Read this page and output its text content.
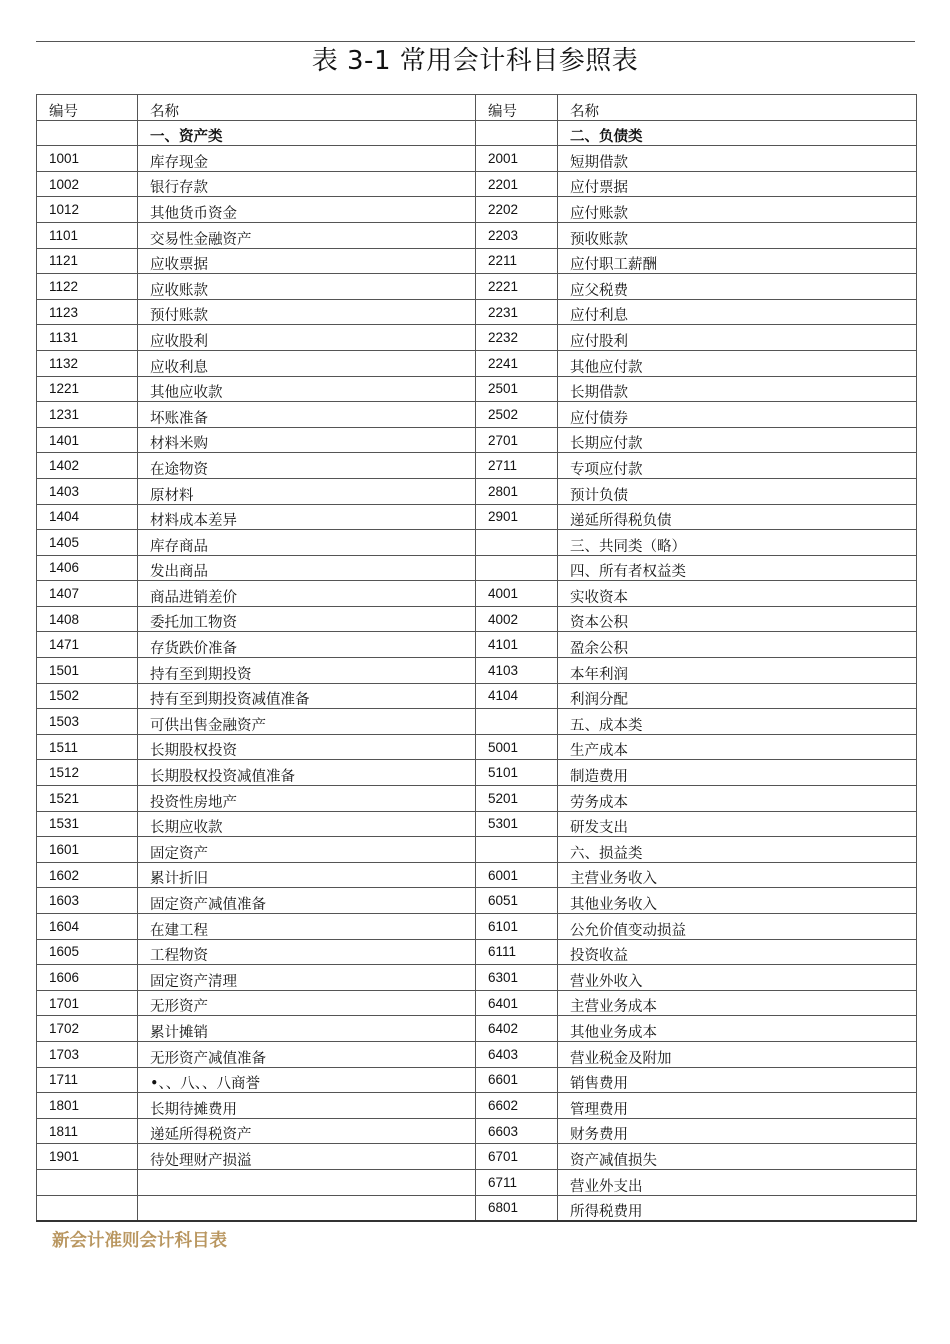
表 3-1 常用会计科目参照表
编号	名称	编号	名称
	一、资产类		二、负债类
1001	库存现金	2001	短期借款
1002	银行存款	2201	应付票据
1012	其他货币资金	2202	应付账款
1101	交易性金融资产	2203	预收账款
1121	应收票据	2211	应付职工薪酬
1122	应收账款	2221	应父税费
1123	预付账款	2231	应付利息
1131	应收股利	2232	应付股利
1132	应收利息	2241	其他应付款
1221	其他应收款	2501	长期借款
1231	坏账准备	2502	应付债券
1401	材料米购	2701	长期应付款
1402	在途物资	2711	专项应付款
1403	原材料	2801	预计负债
1404	材料成本差异	2901	递延所得税负债
1405	库存商品		三、共同类（略）
1406	发出商品		四、所有者权益类
1407	商品进销差价	4001	实收资本
1408	委托加工物资	4002	资本公积
1471	存货跌价准备	4101	盈余公积
1501	持有至到期投资	4103	本年利润
1502	持有至到期投资减值准备	4104	利润分配
1503	可供出售金融资产		五、成本类
1511	长期股权投资	5001	生产成本
1512	长期股权投资减值准备	5101	制造费用
1521	投资性房地产	5201	劳务成本
1531	长期应收款	5301	研发支出
1601	固定资产		六、损益类
1602	累计折旧	6001	主营业务收入
1603	固定资产减值准备	6051	其他业务收入
1604	在建工程	6101	公允价值变动损益
1605	工程物资	6111	投资收益
1606	固定资产清理	6301	营业外收入
1701	无形资产	6401	主营业务成本
1702	累计摊销	6402	其他业务成本
1703	无形资产减值准备	6403	营业税金及附加
1711	•、、八、、八商誉	6601	销售费用
1801	长期待摊费用	6602	管理费用
1811	递延所得税资产	6603	财务费用
1901	待处理财产损溢	6701	资产减值损失
		6711	营业外支出
		6801	所得税费用
新会计准则会计科目表
